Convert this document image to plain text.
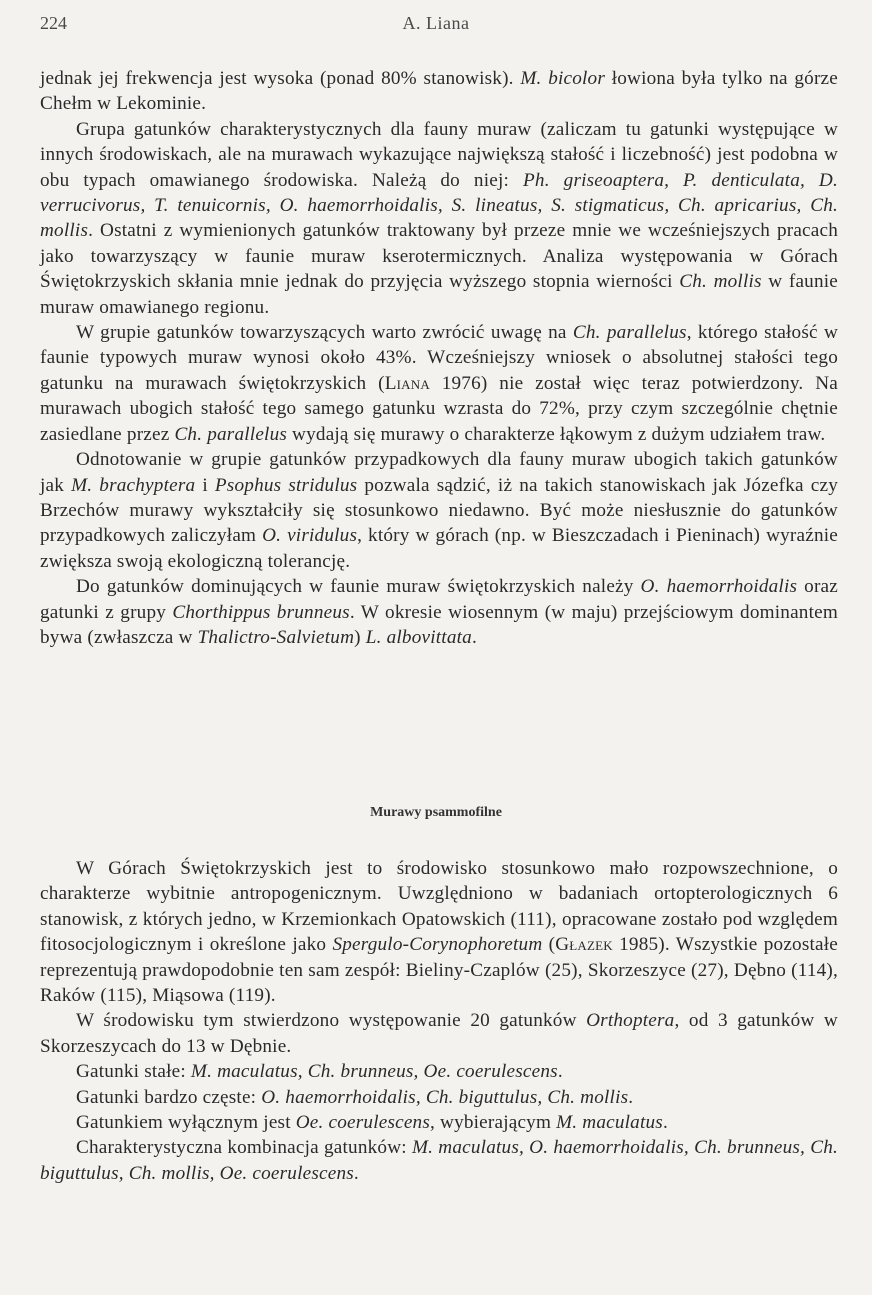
224	A. Liana

jednak jej frekwencja jest wysoka (ponad 80% stanowisk). M. bicolor łowiona była tylko na górze Chełm w Lekominie.

Grupa gatunków charakterystycznych dla fauny muraw (zaliczam tu gatunki występujące w innych środowiskach, ale na murawach wykazujące największą stałość i liczebność) jest podobna w obu typach omawianego środowiska. Należą do niej: Ph. griseoaptera, P. denticulata, D. verrucivorus, T. tenuicornis, O. haemorrhoidalis, S. lineatus, S. stigmaticus, Ch. apricarius, Ch. mollis. Ostatni z wymienionych gatunków traktowany był przeze mnie we wcześniejszych pracach jako towarzyszący w faunie muraw kserotermicznych. Analiza występowania w Górach Świętokrzyskich skłania mnie jednak do przyjęcia wyższego stopnia wierności Ch. mollis w faunie muraw omawianego regionu.

W grupie gatunków towarzyszących warto zwrócić uwagę na Ch. parallelus, którego stałość w faunie typowych muraw wynosi około 43%. Wcześniejszy wniosek o absolutnej stałości tego gatunku na murawach świętokrzyskich (Liana 1976) nie został więc teraz potwierdzony. Na murawach ubogich stałość tego samego gatunku wzrasta do 72%, przy czym szczególnie chętnie zasiedlane przez Ch. parallelus wydają się murawy o charakterze łąkowym z dużym udziałem traw.

Odnotowanie w grupie gatunków przypadkowych dla fauny muraw ubogich takich gatunków jak M. brachyptera i Psophus stridulus pozwala sądzić, iż na takich stanowiskach jak Józefka czy Brzechów murawy wykształciły się stosunkowo niedawno. Być może niesłusznie do gatunków przypadkowych zaliczyłam O. viridulus, który w górach (np. w Bieszczadach i Pieninach) wyraźnie zwiększa swoją ekologiczną tolerancję.

Do gatunków dominujących w faunie muraw świętokrzyskich należy O. haemorrhoidalis oraz gatunki z grupy Chorthippus brunneus. W okresie wiosennym (w maju) przejściowym dominantem bywa (zwłaszcza w Thalictro-Salvietum) L. albovittata.

Murawy psammofilne

W Górach Świętokrzyskich jest to środowisko stosunkowo mało rozpowszechnione, o charakterze wybitnie antropogenicznym. Uwzględniono w badaniach ortopterologicznych 6 stanowisk, z których jedno, w Krzemionkach Opatowskich (111), opracowane zostało pod względem fitosocjologicznym i określone jako Spergulo-Corynophoretum (Głazek 1985). Wszystkie pozostałe reprezentują prawdopodobnie ten sam zespół: Bieliny-Czaplów (25), Skorzeszyce (27), Dębno (114), Raków (115), Miąsowa (119).

W środowisku tym stwierdzono występowanie 20 gatunków Orthoptera, od 3 gatunków w Skorzeszycach do 13 w Dębnie.

Gatunki stałe: M. maculatus, Ch. brunneus, Oe. coerulescens.

Gatunki bardzo częste: O. haemorrhoidalis, Ch. biguttulus, Ch. mollis.

Gatunkiem wyłącznym jest Oe. coerulescens, wybierającym M. maculatus.

Charakterystyczna kombinacja gatunków: M. maculatus, O. haemorrhoidalis, Ch. brunneus, Ch. biguttulus, Ch. mollis, Oe. coerulescens.
